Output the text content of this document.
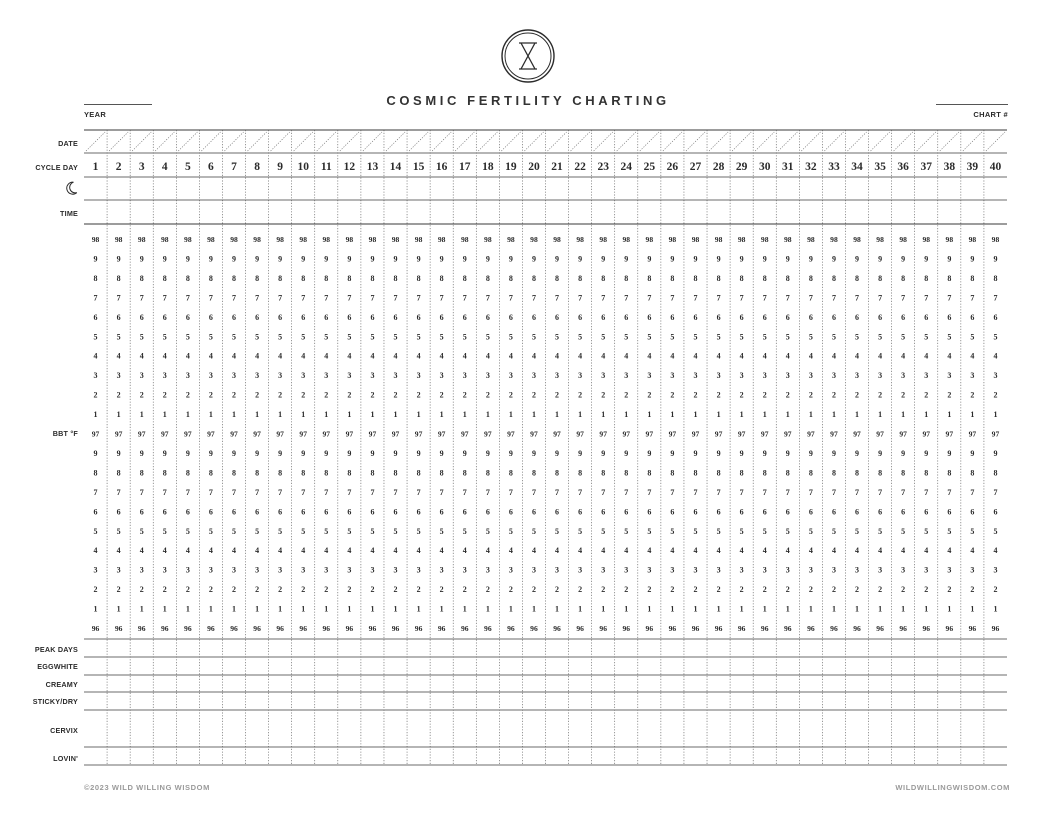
COSMIC FERTILITY CHARTING
YEAR	CHART #
DATE
CYCLE DAY
TIME
BBT °F
PEAK DAYS
EGGWHITE
CREAMY
STICKY/DRY
CERVIX
LOVIN'
1 2 3 4 5 6 7 8 9 10 11 12 13 14 15 16 17 18 19 20 21 22 23 24 25 26 27 28 29 30 31 32 33 34 35 36 37 38 39 40
98 98 98 98 98 98 98 98 98 98 98 98 98 98 98 98 98 98 98 98 98 98 98 98 98 98 98 98 98 98 98 98 98 98 98 98 98 98 98 98
9 9 9 9 9 9 9 9 9 9 9 9 9 9 9 9 9 9 9 9 9 9 9 9 9 9 9 9 9 9 9 9 9 9 9 9 9 9 9 9
8 8 8 8 8 8 8 8 8 8 8 8 8 8 8 8 8 8 8 8 8 8 8 8 8 8 8 8 8 8 8 8 8 8 8 8 8 8 8 8
7 7 7 7 7 7 7 7 7 7 7 7 7 7 7 7 7 7 7 7 7 7 7 7 7 7 7 7 7 7 7 7 7 7 7 7 7 7 7 7
6 6 6 6 6 6 6 6 6 6 6 6 6 6 6 6 6 6 6 6 6 6 6 6 6 6 6 6 6 6 6 6 6 6 6 6 6 6 6 6
5 5 5 5 5 5 5 5 5 5 5 5 5 5 5 5 5 5 5 5 5 5 5 5 5 5 5 5 5 5 5 5 5 5 5 5 5 5 5 5
4 4 4 4 4 4 4 4 4 4 4 4 4 4 4 4 4 4 4 4 4 4 4 4 4 4 4 4 4 4 4 4 4 4 4 4 4 4 4 4
3 3 3 3 3 3 3 3 3 3 3 3 3 3 3 3 3 3 3 3 3 3 3 3 3 3 3 3 3 3 3 3 3 3 3 3 3 3 3 3
2 2 2 2 2 2 2 2 2 2 2 2 2 2 2 2 2 2 2 2 2 2 2 2 2 2 2 2 2 2 2 2 2 2 2 2 2 2 2 2
1 1 1 1 1 1 1 1 1 1 1 1 1 1 1 1 1 1 1 1 1 1 1 1 1 1 1 1 1 1 1 1 1 1 1 1 1 1 1 1
97 97 97 97 97 97 97 97 97 97 97 97 97 97 97 97 97 97 97 97 97 97 97 97 97 97 97 97 97 97 97 97 97 97 97 97 97 97 97 97
9 9 9 9 9 9 9 9 9 9 9 9 9 9 9 9 9 9 9 9 9 9 9 9 9 9 9 9 9 9 9 9 9 9 9 9 9 9 9 9
8 8 8 8 8 8 8 8 8 8 8 8 8 8 8 8 8 8 8 8 8 8 8 8 8 8 8 8 8 8 8 8 8 8 8 8 8 8 8 8
7 7 7 7 7 7 7 7 7 7 7 7 7 7 7 7 7 7 7 7 7 7 7 7 7 7 7 7 7 7 7 7 7 7 7 7 7 7 7 7
6 6 6 6 6 6 6 6 6 6 6 6 6 6 6 6 6 6 6 6 6 6 6 6 6 6 6 6 6 6 6 6 6 6 6 6 6 6 6 6
5 5 5 5 5 5 5 5 5 5 5 5 5 5 5 5 5 5 5 5 5 5 5 5 5 5 5 5 5 5 5 5 5 5 5 5 5 5 5 5
4 4 4 4 4 4 4 4 4 4 4 4 4 4 4 4 4 4 4 4 4 4 4 4 4 4 4 4 4 4 4 4 4 4 4 4 4 4 4 4
3 3 3 3 3 3 3 3 3 3 3 3 3 3 3 3 3 3 3 3 3 3 3 3 3 3 3 3 3 3 3 3 3 3 3 3 3 3 3 3
2 2 2 2 2 2 2 2 2 2 2 2 2 2 2 2 2 2 2 2 2 2 2 2 2 2 2 2 2 2 2 2 2 2 2 2 2 2 2 2
1 1 1 1 1 1 1 1 1 1 1 1 1 1 1 1 1 1 1 1 1 1 1 1 1 1 1 1 1 1 1 1 1 1 1 1 1 1 1 1
96 96 96 96 96 96 96 96 96 96 96 96 96 96 96 96 96 96 96 96 96 96 96 96 96 96 96 96 96 96 96 96 96 96 96 96 96 96 96 96
©2023 WILD WILLING WISDOM	WILDWILLINGWISDOM.COM
